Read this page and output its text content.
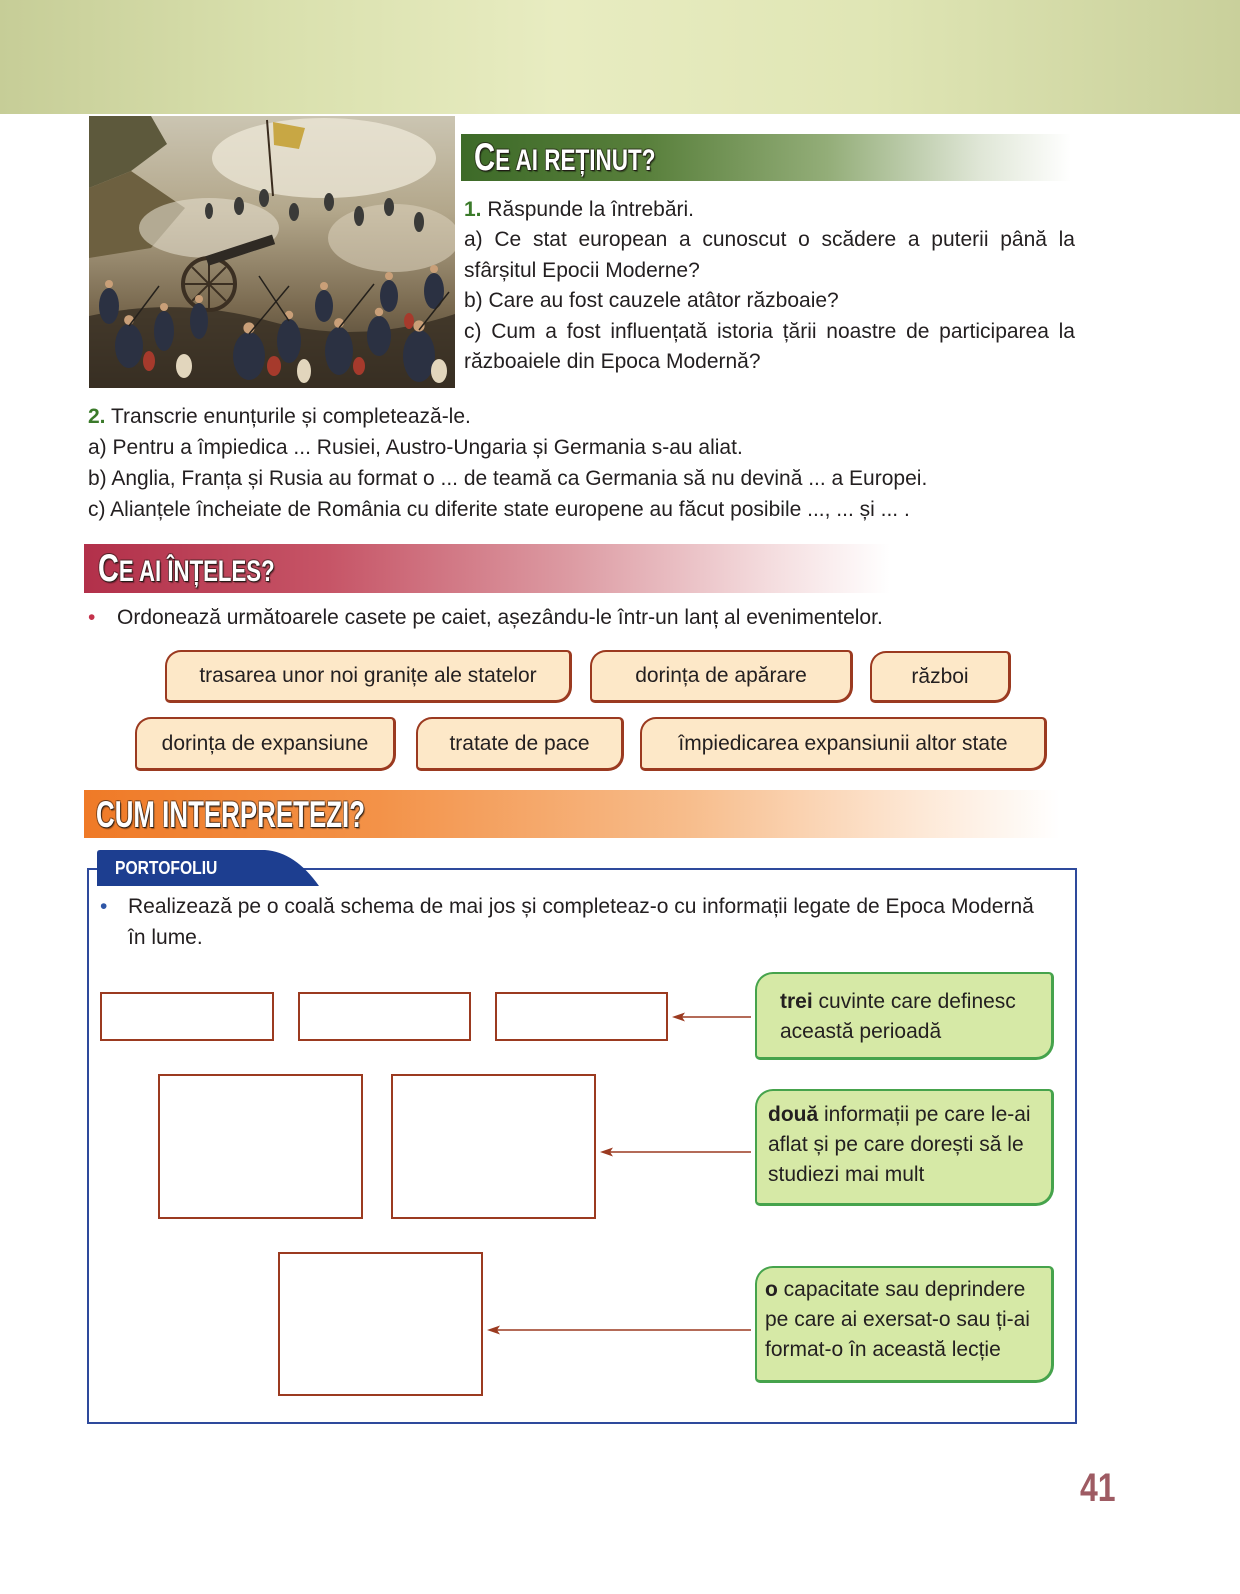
CE AI REȚINUT?

1. Răspunde la întrebări.

a) Ce stat european a cunoscut o scădere a puterii până la sfârșitul Epocii Moderne?

b) Care au fost cauzele atâtor războaie?

c) Cum a fost influențată istoria țării noastre de participarea la războaiele din Epoca Modernă?

2. Transcrie enunțurile și completează-le.

a) Pentru a împiedica ... Rusiei, Austro-Ungaria și Germania s-au aliat.

b) Anglia, Franța și Rusia au format o ... de teamă ca Germania să nu devină ... a Europei.

c) Alianțele încheiate de România cu diferite state europene au făcut posibile ..., ... și ... .

CE AI ÎNȚELES?
• Ordonează următoarele casete pe caiet, așezându-le într-un lanț al evenimentelor.
trasarea unor noi granițe ale statelor	dorința de apărare	război
dorința de expansiune	tratate de pace	împiedicarea expansiunii altor state
CUM INTERPRETEZI?
PORTOFOLIU
• Realizează pe o coală schema de mai jos și completeaz-o cu informații legate de Epoca Modernă în lume.
trei cuvinte care definesc această perioadă
două informații pe care le-ai aflat și pe care dorești să le studiezi mai mult
o capacitate sau deprindere pe care ai exersat-o sau ți-ai format-o în această lecție
41
